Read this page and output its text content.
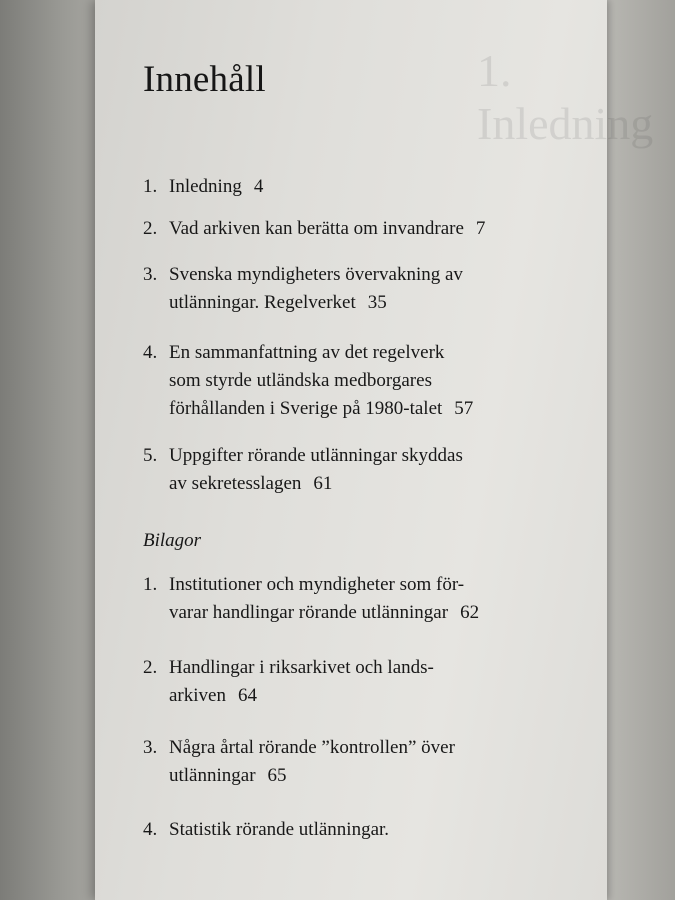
1. Inledning
Innehåll
1. Inledning 4
2. Vad arkiven kan berätta om invandrare 7
3. Svenska myndigheters övervakning av
utlänningar. Regelverket 35
4. En sammanfattning av det regelverk
som styrde utländska medborgares
förhållanden i Sverige på 1980-talet 57
5. Uppgifter rörande utlänningar skyddas
av sekretesslagen 61
Bilagor
1. Institutioner och myndigheter som för-
varar handlingar rörande utlänningar 62
2. Handlingar i riksarkivet och lands-
arkiven 64
3. Några årtal rörande ”kontrollen” över
utlänningar 65
4. Statistik rörande utlänningar.
